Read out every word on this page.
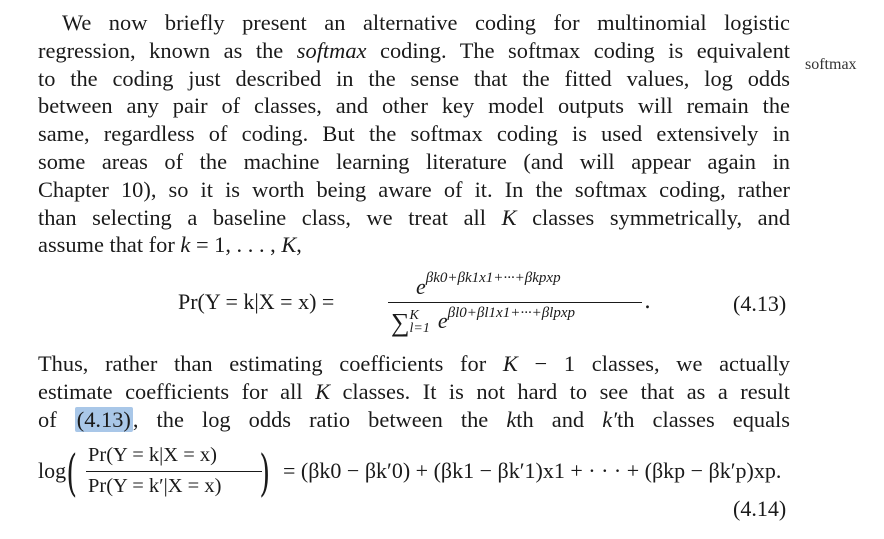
softmax

We now briefly present an alternative coding for multinomial logistic
regression, known as the softmax coding. The softmax coding is equivalent
to the coding just described in the sense that the fitted values, log odds
between any pair of classes, and other key model outputs will remain the
same, regardless of coding. But the softmax coding is used extensively in
some areas of the machine learning literature (and will appear again in
Chapter 10), so it is worth being aware of it. In the softmax coding, rather
than selecting a baseline class, we treat all K classes symmetrically, and
assume that for k = 1, . . . , K,

Pr(Y = k|X = x) =
$e^{\beta k0+\beta k1x1+\cdot\cdot\cdot+\beta kpxp}$
∑K
l=1 $e^{\beta l0+\beta l1x1+\cdot\cdot\cdot+\beta lpxp}$	.	(4.13)

Thus, rather than estimating coefficients for K − 1 classes, we actually
estimate coefficients for all K classes. It is not hard to see that as a result
of (4.13), the log odds ratio between the kth and k′th classes equals

log ( Pr(Y = k|X = x)
Pr(Y = k′|X = x) ) = (βk0 − βk′0) + (βk1 − βk′1)x1 + · · · + (βkp − βk′p)xp.
(4.14)
